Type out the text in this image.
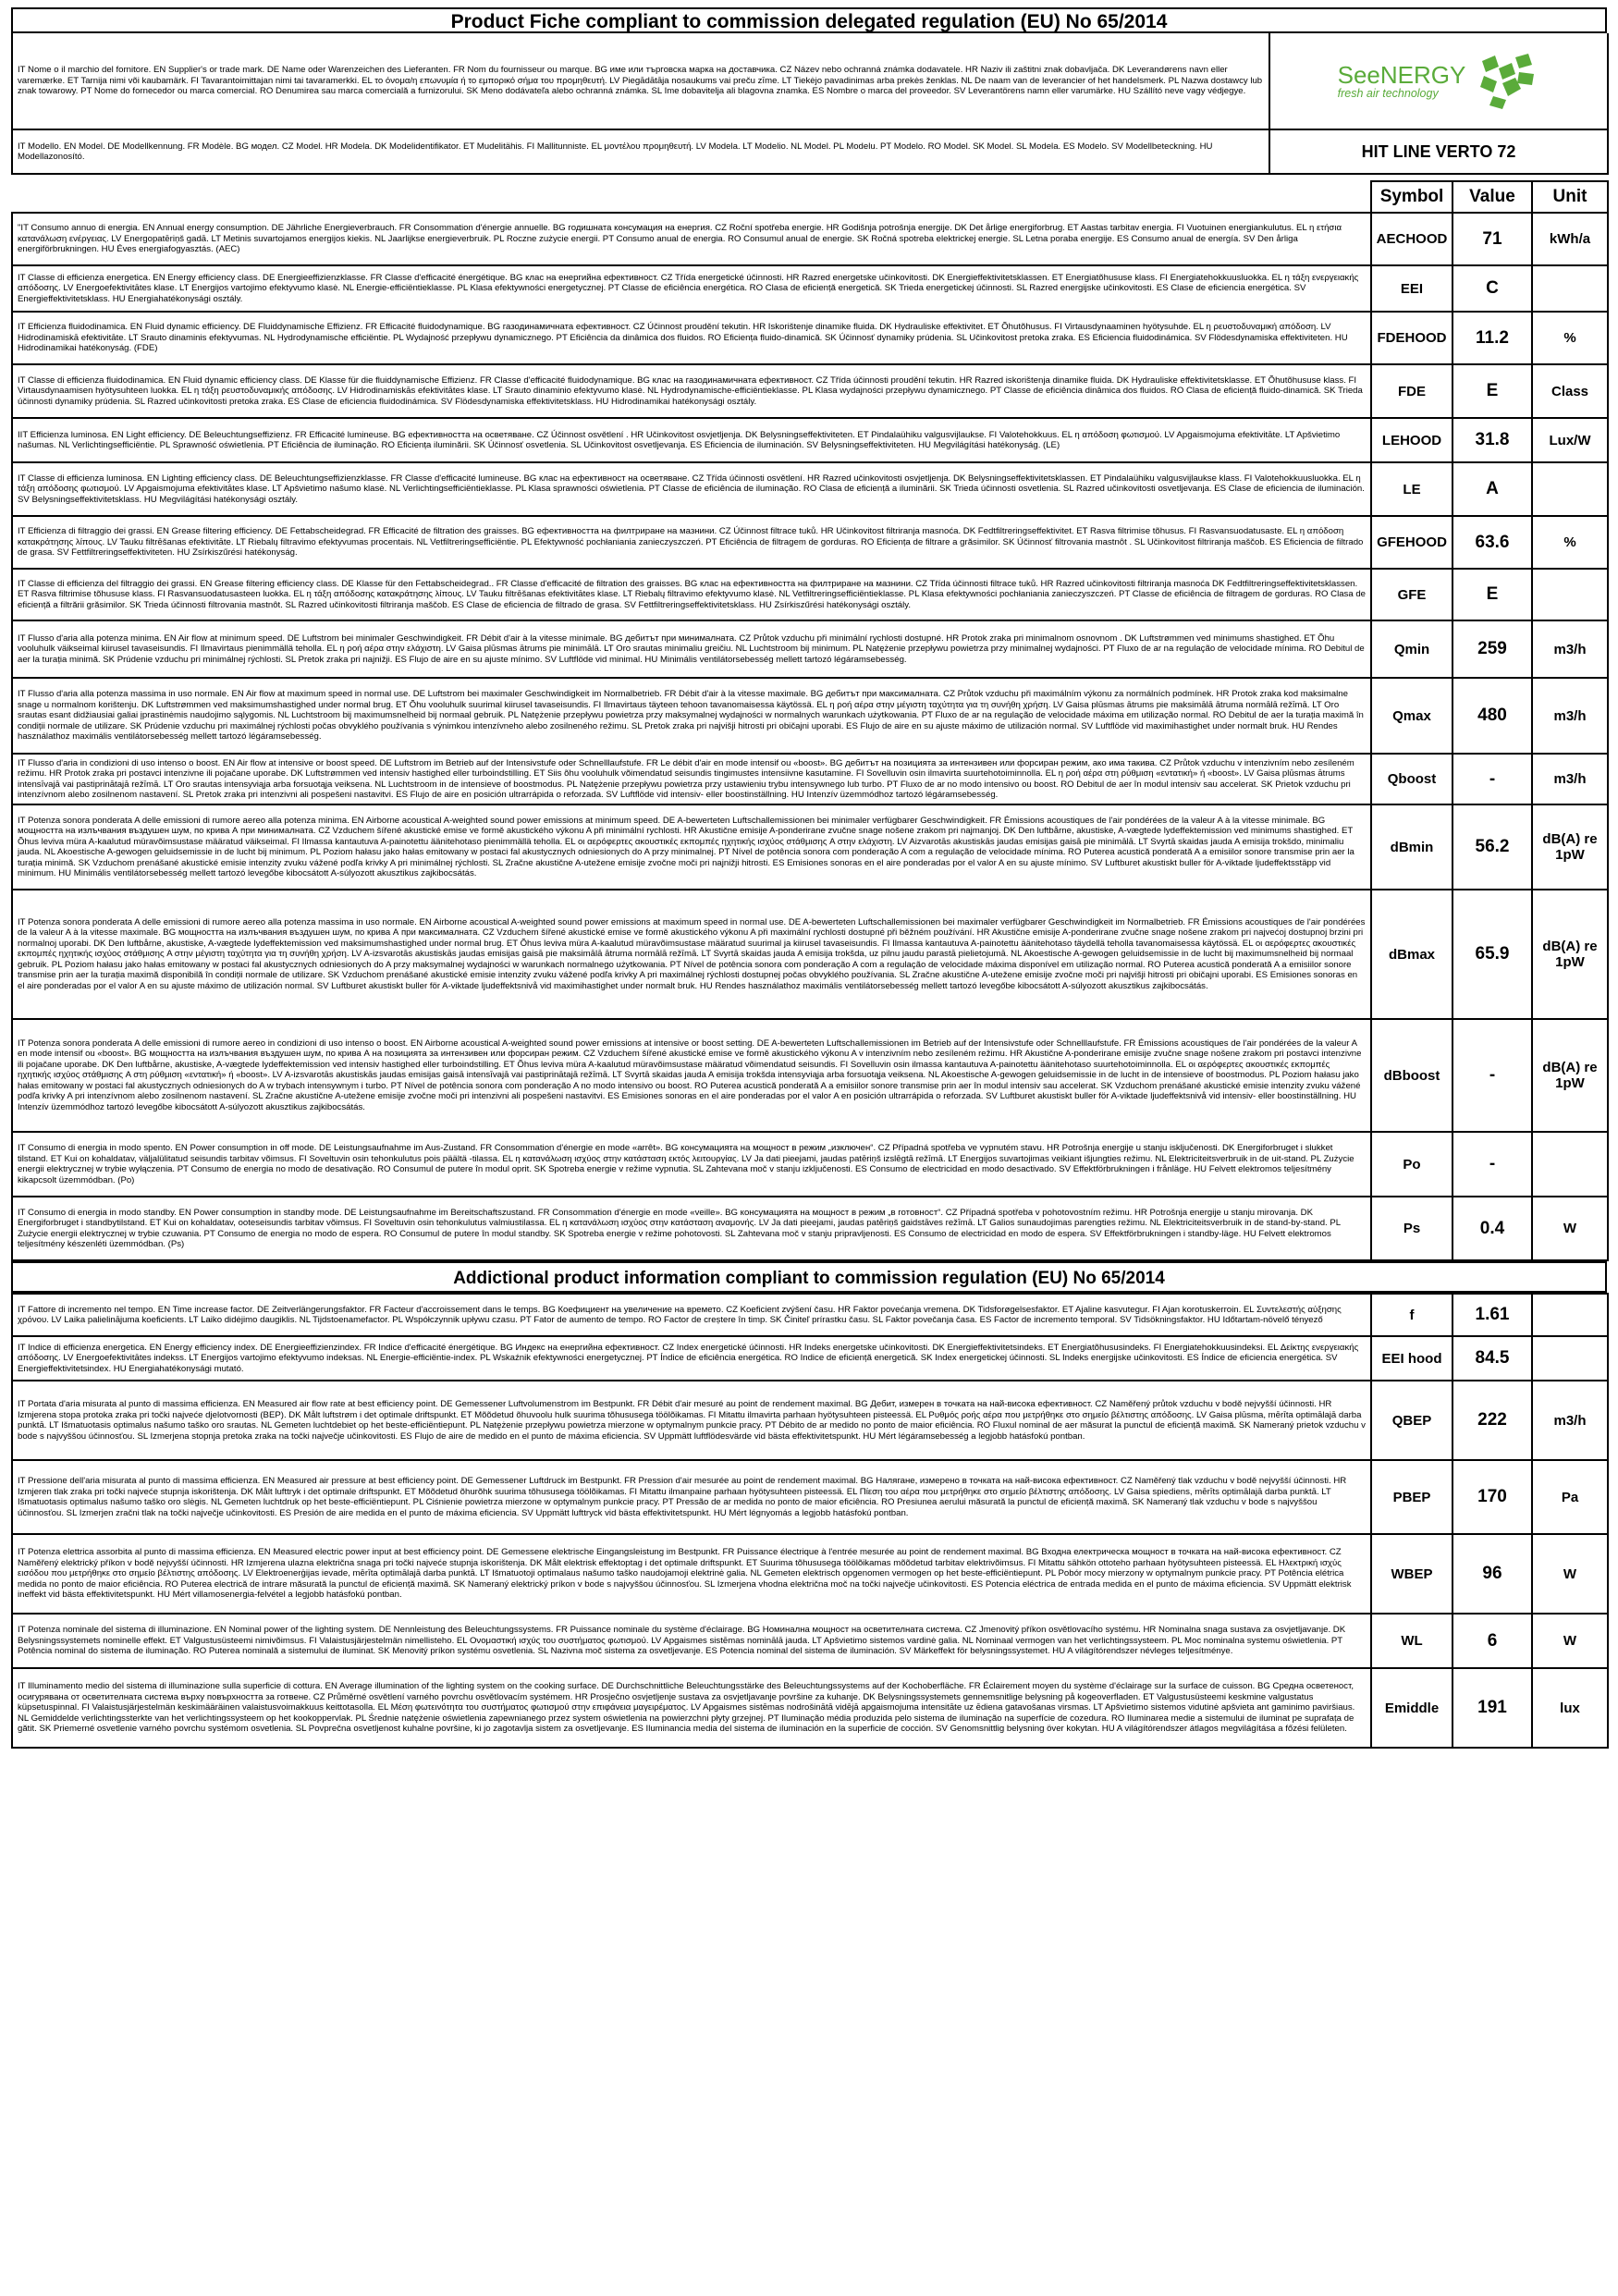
Product Fiche compliant to commission delegated regulation (EU) No 65/2014
IT Nome o il marchio del fornitore. EN Supplier's or trade mark. DE Name oder Warenzeichen des Lieferanten. FR Nom du fournisseur ou marque. BG име или търговска марка на доставчика. CZ Název nebo ochranná známka dodavatele. HR Naziv ili zaštitni znak dobavljača. DK Leverandørens navn eller varemærke. ET Tarnija nimi või kaubamärk. FI Tavarantoimittajan nimi tai tavaramerkki. EL το όνομα/η επωνυμία ή το εμπορικό σήμα του προμηθευτή. LV Piegādātāja nosaukums vai preču zīme. LT Tiekėjo pavadinimas arba prekės ženklas. NL De naam van de leverancier of het handelsmerk. PL Nazwa dostawcy lub znak towarowy. PT Nome do fornecedor ou marca comercial. RO Denumirea sau marca comercială a furnizorului. SK Meno dodávateľa alebo ochranná známka. SL Ime dobavitelja ali blagovna znamka. ES Nombre o marca del proveedor. SV Leverantörens namn eller varumärke. HU Szállító neve vagy védjegye.	SeeNERGY
fresh air technology

IT Modello. EN Model. DE Modellkennung. FR Modèle. BG модел. CZ Model. HR Modela. DK Modelidentifikator. ET Mudelitähis. FI Mallitunniste. EL μοντέλου προμηθευτή. LV Modela. LT Modelio. NL Model. PL Modelu. PT Modelo. RO Model. SK Model. SL Modela. ES Modelo. SV Modellbeteckning. HU Modellazonosító.	HIT LINE VERTO 72
	Symbol	Value	Unit
"IT Consumo annuo di energia. EN Annual energy consumption. DE Jährliche Energieverbrauch. FR Consommation d'énergie annuelle. BG годишната консумация на енергия. CZ Roční spotřeba energie. HR Godišnja potrošnja energije. DK Det årlige energiforbrug. ET Aastas tarbitav energia. FI Vuotuinen energiankulutus. EL η ετήσια κατανάλωση ενέργειας. LV Energopatēriņš gadā. LT Metinis suvartojamos energijos kiekis. NL Jaarlijkse energieverbruik. PL Roczne zużycie energii. PT Consumo anual de energia. RO Consumul anual de energie. SK Ročná spotreba elektrickej energie. SL Letna poraba energije. ES Consumo anual de energía. SV Den årliga energiförbrukningen. HU Éves energiafogyasztás. (AEC)	AECHOOD	71	kWh/a
IT Classe di efficienza energetica. EN Energy efficiency class. DE Energieeffizienzklasse. FR Classe d'efficacité énergétique. BG клас на енергийна ефективност. CZ Třída energetické účinnosti. HR Razred energetske učinkovitosti. DK Energieffektivitetsklassen. ET Energiatõhususe klass. FI Energiatehokkuusluokka. EL η τάξη ενεργειακής απόδοσης. LV Energoefektivitātes klase. LT Energijos vartojimo efektyvumo klasė. NL Energie-efficiëntieklasse. PL Klasa efektywności energetycznej. PT Classe de eficiência energética. RO Clasa de eficiență energetică. SK Trieda energetickej účinnosti. SL Razred energijske učinkovitosti. ES Clase de eficiencia energética. SV Energieffektivitetsklass. HU Energiahatékonysági osztály.	EEI	C	
IT Efficienza fluidodinamica. EN Fluid dynamic efficiency. DE Fluiddynamische Effizienz. FR Efficacité fluidodynamique. BG газодинамичната ефективност. CZ Účinnost proudění tekutin. HR Iskorištenje dinamike fluida. DK Hydrauliske effektivitet. ET Õhutõhusus. FI Virtausdynaaminen hyötysuhde. EL η ρευστοδυναμική απόδοση. LV Hidrodinamiskā efektivitāte. LT Srauto dinaminis efektyvumas. NL Hydrodynamische efficiëntie. PL Wydajność przepływu dynamicznego. PT Eficiência da dinâmica dos fluidos. RO Eficiența fluido-dinamică. SK Účinnosť dynamiky prúdenia. SL Učinkovitost pretoka zraka. ES Eficiencia fluidodinámica. SV Flödesdynamiska effektiviteten. HU Hidrodinamikai hatékonyság. (FDE)	FDEHOOD	11.2	%
IT Classe di efficienza fluidodinamica. EN Fluid dynamic efficiency class. DE Klasse für die fluiddynamische Effizienz. FR Classe d'efficacité fluidodynamique. BG клас на газодинамичната ефективност. CZ Třída účinnosti proudění tekutin. HR Razred iskorištenja dinamike fluida. DK Hydrauliske effektivitetsklasse. ET Õhutõhususe klass. FI Virtausdynaamisen hyötysuhteen luokka. EL η τάξη ρευστοδυναμικής απόδοσης. LV Hidrodinamiskās efektivitātes klase. LT Srauto dinaminio efektyvumo klasė. NL Hydrodynamische-efficiëntieklasse. PL Klasa wydajności przepływu dynamicznego. PT Classe de eficiência dinâmica dos fluidos. RO Clasa de eficiență fluido-dinamică. SK Trieda účinnosti dynamiky prúdenia. SL Razred učinkovitosti pretoka zraka. ES Clase de eficiencia fluidodinámica. SV Flödesdynamiska effektivitetsklass. HU Hidrodinamikai hatékonysági osztály.	FDE	E	Class
IIT Efficienza luminosa. EN Light efficiency. DE Beleuchtungseffizienz. FR Efficacité lumineuse. BG ефективността на осветяване. CZ Účinnost osvětlení . HR Učinkovitost osvjetljenja. DK Belysningseffektiviteten. ET Pindalaühiku valgusvijlaukse. FI Valotehokkuus. EL η απόδοση φωτισμού. LV Apgaismojuma efektivitāte. LT Apšvietimo našumas. NL Verlichtingsefficiëntie. PL Sprawność oświetlenia. PT Eficiência de iluminação. RO Eficiența iluminării. SK Účinnosť osvetlenia. SL Učinkovitost osvetljevanja. ES Eficiencia de iluminación. SV Belysningseffektiviteten. HU Megvilágítási hatékonyság. (LE)	LEHOOD	31.8	Lux/W
IT Classe di efficienza luminosa. EN Lighting efficiency class. DE Beleuchtungseffizienzklasse. FR Classe d'efficacité lumineuse. BG клас на ефективност на осветяване. CZ Třída účinnosti osvětlení. HR Razred učinkovitosti osvjetljenja. DK Belysningseffektivitetsklassen. ET Pindalaühiku valgusvijlaukse klass. FI Valotehokkuusluokka. EL η τάξη απόδοσης φωτισμού. LV Apgaismojuma efektivitātes klase. LT Apšvietimo našumo klasė. NL Verlichtingsefficiëntieklasse. PL Klasa sprawności oświetlenia. PT Classe de eficiência de iluminação. RO Clasa de eficiență a iluminării. SK Trieda účinnosti osvetlenia. SL Razred učinkovitosti osvetljevanja. ES Clase de eficiencia de iluminación. SV Belysningseffektivitetsklass. HU Megvilágítási hatékonysági osztály.	LE	A	
IT Efficienza di filtraggio dei grassi. EN Grease filtering efficiency. DE Fettabscheidegrad. FR Efficacité de filtration des graisses. BG ефективността на филтриране на мазнини. CZ Účinnost filtrace tuků. HR Učinkovitost filtriranja masnoća. DK Fedtfiltreringseffektivitet. ET Rasva filtrimise tõhusus. FI Rasvansuodatusaste. EL η απόδοση κατακράτησης λίπους. LV Tauku filtrēšanas efektivitāte. LT Riebalų filtravimo efektyvumas procentais. NL Vetfiltreringsefficiëntie. PL Efektywność pochłaniania zanieczyszczeń. PT Eficiência de filtragem de gorduras. RO Eficiența de filtrare a grăsimilor. SK Účinnosť filtrovania mastnôt . SL Učinkovitost filtriranja maščob. ES Eficiencia de filtrado de grasa. SV Fettfiltreringseffektiviteten. HU Zsírkiszűrési hatékonyság.	GFEHOOD	63.6	%
IT Classe di efficienza del filtraggio dei grassi. EN Grease filtering efficiency class. DE Klasse für den Fettabscheidegrad.. FR Classe d'efficacité de filtration des graisses. BG клас на ефективността на филтриране на мазнини. CZ Třída účinnosti filtrace tuků. HR Razred učinkovitosti filtriranja masnoća DK Fedtfiltreringseffektivitetsklassen. ET Rasva filtrimise tõhususe klass. FI Rasvansuodatusasteen luokka. EL η τάξη απόδοσης κατακράτησης λίπους. LV Tauku filtrēšanas efektivitātes klase. LT Riebalų filtravimo efektyvumo klasė. NL Vetfiltreringsefficiëntieklasse. PL Klasa efektywności pochłaniania zanieczyszczeń. PT Classe de eficiência de filtragem de gorduras. RO Clasa de eficiență a filtrării grăsimilor. SK Trieda účinnosti filtrovania mastnôt. SL Razred učinkovitosti filtriranja maščob. ES Clase de eficiencia de filtrado de grasa. SV Fettfiltreringseffektivitetsklass. HU Zsírkiszűrési hatékonysági osztály.	GFE	E	
IT Flusso d'aria alla potenza minima. EN Air flow at minimum speed. DE Luftstrom bei minimaler Geschwindigkeit. FR Débit d'air à la vitesse minimale. BG дебитът при минималната. CZ Průtok vzduchu při minimální rychlosti dostupné. HR Protok zraka pri minimalnom osnovnom . DK Luftstrømmen ved minimums shastighed. ET Õhu vooluhulk väikseimal kiirusel tavaseisundis. FI Ilmavirtaus pienimmällä teholla. EL η ροή αέρα στην ελάχιστη. LV Gaisa plūsmas ātrums pie minimālā. LT Oro srautas minimaliu greičiu. NL Luchtstroom bij minimum. PL Natężenie przepływu powietrza przy minimalnej wydajności. PT Fluxo de ar na regulação de velocidade mínima. RO Debitul de aer la turația minimă. SK Prúdenie vzduchu pri minimálnej rýchlosti. SL Pretok zraka pri najnižji. ES Flujo de aire en su ajuste mínimo. SV Luftflöde vid minimal. HU Minimális ventilátorsebesség mellett tartozó légáramsebesség.	Qmin	259	m3/h
IT Flusso d'aria alla potenza massima in uso normale. EN Air flow at maximum speed in normal use. DE Luftstrom bei maximaler Geschwindigkeit im Normalbetrieb. FR Débit d'air à la vitesse maximale. BG дебитът при максималната. CZ Průtok vzduchu při maximálním výkonu za normálních podmínek. HR Protok zraka kod maksimalne snage u normalnom korištenju. DK Luftstrømmen ved maksimumshastighed under normal brug. ET Õhu vooluhulk suurimal kiirusel tavaseisundis. FI Ilmavirtaus täyteen tehoon tavanomaisessa käytössä. EL η ροή αέρα στην μέγιστη ταχύτητα για τη συνήθη χρήση. LV Gaisa plūsmas ātrums pie maksimālā ātruma normālā režīmā. LT Oro srautas esant didžiausiai galiai įprastinėmis naudojimo sąlygomis. NL Luchtstroom bij maximumsnelheid bij normaal gebruik. PL Natężenie przepływu powietrza przy maksymalnej wydajności w normalnych warunkach użytkowania. PT Fluxo de ar na regulação de velocidade máxima em utilização normal. RO Debitul de aer la turația maximă în condiții normale de utilizare. SK Prúdenie vzduchu pri maximálnej rýchlosti počas obvyklého používania s výnimkou intenzívneho alebo zosilneného režimu. SL Pretok zraka pri najvišji hitrosti pri običajni uporabi. ES Flujo de aire en su ajuste máximo de utilización normal. SV Luftflöde vid maximihastighet under normalt bruk. HU Rendes használathoz maximális ventilátorsebesség mellett tartozó légáramsebesség.	Qmax	480	m3/h
IT Flusso d'aria in condizioni di uso intenso o boost. EN Air flow at intensive or boost speed. DE Luftstrom im Betrieb auf der Intensivstufe oder Schnelllaufstufe. FR Le débit d'air en mode intensif ou «boost». BG дебитът на позицията за интензивен или форсиран режим, ако има такива. CZ Průtok vzduchu v intenzivním nebo zesíleném režimu. HR Protok zraka pri postavci intenzivne ili pojačane uporabe. DK Luftstrømmen ved intensiv hastighed eller turboindstilling. ET Siis õhu vooluhulk võimendatud seisundis tingimustes intensiivne kasutamine. FI Sovelluvin osin ilmavirta suurtehotoiminnolla. EL η ροή αέρα στη ρύθμιση «εντατική» ή «boost». LV Gaisa plūsmas ātrums intensīvajā vai pastiprinātajā režīmā. LT Oro srautas intensyviąja arba forsuotąja veiksena. NL Luchtstroom in de intensieve of boostmodus. PL Natężenie przepływu powietrza przy ustawieniu trybu intensywnego lub turbo. PT Fluxo de ar no modo intensivo ou boost. RO Debitul de aer în modul intensiv sau accelerat. SK Prietok vzduchu pri intenzívnom alebo zosilnenom nastavení. SL Pretok zraka pri intenzivni ali pospešeni nastavitvi. ES Flujo de aire en posición ultrarrápida o reforzada. SV Luftflöde vid intensiv- eller boostinställning. HU Intenzív üzemmódhoz tartozó légáramsebesség.	Qboost	-	m3/h
IT Potenza sonora ponderata A delle emissioni di rumore aereo alla potenza minima. EN Airborne acoustical A-weighted sound power emissions at minimum speed. DE A-bewerteten Luftschallemissionen bei minimaler verfügbarer Geschwindigkeit. FR Émissions acoustiques de l'air pondérées de la valeur A à la vitesse minimale. BG мощността на излъчвания въздушен шум, по крива А при минималната. CZ Vzduchem šířené akustické emise ve formě akustického výkonu A při minimální rychlosti. HR Akustične emisije A-ponderirane zvučne snage nošene zrakom pri najmanjoj. DK Den luftbårne, akustiske, A-vægtede lydeffektemission ved minimums shastighed. ET Õhus leviva müra A-kaalutud müravõimsustase määratud väikseimal. FI Ilmassa kantautuva A-painotettu äänitehotaso pienimmällä teholla. EL οι αερόφερτες ακουστικές εκπομπές ηχητικής ισχύος στάθμισης A στην ελάχιστη. LV Aizvarotās akustiskās jaudas emisijas gaisā pie minimālā. LT Svyrtā skaidas jauda A emisija trokšdo, minimaliu jauda. NL Akoestische A-gewogen geluidsemissie in de lucht bij minimum. PL Poziom hałasu jako hałas emitowany w postaci fal akustycznych odniesionych do A przy minimalnej. PT Nível de potência sonora com ponderação A com a regulação de velocidade mínima. RO Puterea acustică ponderată A a emisiilor sonore transmise prin aer la turația minimă. SK Vzduchom prenášané akustické emisie intenzity zvuku vážené podľa krivky A pri minimálnej rýchlosti. SL Zračne akustične A-utežene emisije zvočne moči pri najnižji hitrosti. ES Emisiones sonoras en el aire ponderadas por el valor A en su ajuste mínimo. SV Luftburet akustiskt buller för A-viktade ljudeffektsstäpp vid minimum. HU Minimális ventilátorsebesség mellett tartozó levegőbe kibocsátott A-súlyozott akusztikus zajkibocsátás.	dBmin	56.2	dB(A) re 1pW
IT Potenza sonora ponderata A delle emissioni di rumore aereo alla potenza massima in uso normale. EN Airborne acoustical A-weighted sound power emissions at maximum speed in normal use. DE A-bewerteten Luftschallemissionen bei maximaler verfügbarer Geschwindigkeit im Normalbetrieb. FR Émissions acoustiques de l'air pondérées de la valeur A à la vitesse maximale. BG мощността на излъчвания въздушен шум, по крива А при максималната. CZ Vzduchem šířené akustické emise ve formě akustického výkonu A při maximální rychlosti dostupné při běžném používání. HR Akustične emisije A-ponderirane zvučne snage nošene zrakom pri najvećoj dostupnoj brzini pri normalnoj uporabi. DK Den luftbårne, akustiske, A-vægtede lydeffektemission ved maksimumshastighed under normal brug. ET Õhus leviva müra A-kaalutud müravõimsustase määratud suurimal ja kiirusel tavaseisundis. FI Ilmassa kantautuva A-painotettu äänitehotaso täydellä teholla tavanomaisessa käytössä. EL οι αερόφερτες ακουστικές εκπομπές ηχητικής ισχύος στάθμισης A στην μέγιστη ταχύτητα για τη συνήθη χρήση. LV A-izsvarotās akustiskās jaudas emisijas gaisā pie maksimālā ātruma normālā režīmā. LT Svyrtā skaidas jauda A emisija trokšda, uz pilnu jaudu parastā pielietojumā. NL Akoestische A-gewogen geluidsemissie in de lucht bij maximumsnelheid bij normaal gebruik. PL Poziom hałasu jako hałas emitowany w postaci fal akustycznych odniesionych do A przy maksymalnej wydajności w warunkach normalnego użytkowania. PT Nível de potência sonora com ponderação A com a regulação de velocidade máxima disponível em utilização normal. RO Puterea acustică ponderată A a emisiilor sonore transmise prin aer la turația maximă disponibilă în condiții normale de utilizare. SK Vzduchom prenášané akustické emisie intenzity zvuku vážené podľa krivky A pri maximálnej rýchlosti dostupnej počas obvyklého používania. SL Zračne akustične A-utežene emisije zvočne moči pri najvišji hitrosti pri običajni uporabi. ES Emisiones sonoras en el aire ponderadas por el valor A en su ajuste máximo de utilización normal. SV Luftburet akustiskt buller för A-viktade ljudeffektsnivå vid maximihastighet under normalt bruk. HU Rendes használathoz maximális ventilátorsebesség mellett tartozó levegőbe kibocsátott A-súlyozott akusztikus zajkibocsátás.	dBmax	65.9	dB(A) re 1pW
IT Potenza sonora ponderata A delle emissioni di rumore aereo in condizioni di uso intenso o boost. EN Airborne acoustical A-weighted sound power emissions at intensive or boost setting. DE A-bewerteten Luftschallemissionen im Betrieb auf der Intensivstufe oder Schnelllaufstufe. FR Émissions acoustiques de l'air pondérées de la valeur A en mode intensif ou «boost». BG мощността на излъчвания въздушен шум, по крива А на позицията за интензивен или форсиран режим. CZ Vzduchem šířené akustické emise ve formě akustického výkonu A v intenzivním nebo zesíleném režimu. HR Akustične A-ponderirane emisije zvučne snage nošene zrakom pri postavci intenzivne ili pojačane uporabe. DK Den luftbårne, akustiske, A-vægtede lydeffektemission ved intensiv hastighed eller turboindstilling. ET Õhus leviva müra A-kaalutud müravõimsustase määratud võimendatud seisundis. FI Sovelluvin osin ilmassa kantautuva A-painotettu äänitehotaso suurtehotoiminnolla. EL οι αερόφερτες ακουστικές εκπομπές ηχητικής ισχύος στάθμισης A στη ρύθμιση «εντατική» ή «boost». LV A-izsvarotās akustiskās jaudas emisijas gaisā intensīvajā vai pastiprinātajā režīmā. LT Svyrtā skaidas jauda A emisija trokšda intensyviąja arba forsuotąja veiksena. NL Akoestische A-gewogen geluidsemissie in de lucht in de intensieve of boostmodus. PL Poziom hałasu jako hałas emitowany w postaci fal akustycznych odniesionych do A w trybach intensywnym i turbo. PT Nível de potência sonora com ponderação A no modo intensivo ou boost. RO Puterea acustică ponderată A a emisiilor sonore transmise prin aer în modul intensiv sau accelerat. SK Vzduchom prenášané akustické emisie intenzity zvuku vážené podľa krivky A pri intenzívnom alebo zosilnenom nastavení. SL Zračne akustične A-utežene emisije zvočne moči pri intenzivni ali pospešeni nastavitvi. ES Emisiones sonoras en el aire ponderadas por el valor A en posición ultrarrápida o reforzada. SV Luftburet akustiskt buller för A-viktade ljudeffektsnivå vid intensiv- eller boostinställning. HU Intenzív üzemmódhoz tartozó levegőbe kibocsátott A-súlyozott akusztikus zajkibocsátás.	dBboost	-	dB(A) re 1pW
IT Consumo di energia in modo spento. EN Power consumption in off mode. DE Leistungsaufnahme im Aus-Zustand. FR Consommation d'énergie en mode «arrêt». BG консумацията на мощност в режим „изключен“. CZ Případná spotřeba ve vypnutém stavu. HR Potrošnja energije u stanju isključenosti. DK Energiforbruget i slukket tilstand. ET Kui on kohaldatav, väljalülitatud seisundis tarbitav võimsus. FI Soveltuvin osin tehonkulutus pois päältä -tilassa. EL η κατανάλωση ισχύος στην κατάσταση εκτός λειτουργίας. LV Ja dati pieejami, jaudas patēriņš izslēgtā režīmā. LT Energijos suvartojimas veikiant išjungties režimu. NL Elektriciteitsverbruik in de uit-stand. PL Zużycie energii elektrycznej w trybie wyłączenia. PT Consumo de energia no modo de desativação. RO Consumul de putere în modul oprit. SK Spotreba energie v režime vypnutia. SL Zahtevana moč v stanju izključenosti. ES Consumo de electricidad en modo desactivado. SV Effektförbrukningen i frånläge. HU Felvett elektromos teljesítmény kikapcsolt üzemmódban. (Po)	Po	-	
IT Consumo di energia in modo standby. EN Power consumption in standby mode. DE Leistungsaufnahme im Bereitschaftszustand. FR Consommation d'énergie en mode «veille». BG консумацията на мощност в режим „в готовност“. CZ Případná spotřeba v pohotovostním režimu. HR Potrošnja energije u stanju mirovanja. DK Energiforbruget i standbytilstand. ET Kui on kohaldatav, ooteseisundis tarbitav võimsus. FI Soveltuvin osin tehonkulutus valmiustilassa. EL η κατανάλωση ισχύος στην κατάσταση αναμονής. LV Ja dati pieejami, jaudas patēriņš gaidstāves režīmā. LT Galios sunaudojimas parengties režimu. NL Elektriciteitsverbruik in de stand-by-stand. PL Zużycie energii elektrycznej w trybie czuwania. PT Consumo de energia no modo de espera. RO Consumul de putere în modul standby. SK Spotreba energie v režime pohotovosti. SL Zahtevana moč v stanju pripravljenosti. ES Consumo de electricidad en modo de espera. SV Effektförbrukningen i standby-läge. HU Felvett elektromos teljesítmény készenléti üzemmódban. (Ps)	Ps	0.4	W
Addictional product information compliant to commission regulation (EU) No 65/2014
IT Fattore di incremento nel tempo. EN Time increase factor. DE Zeitverlängerungsfaktor. FR Facteur d'accroissement dans le temps. BG Коефициент на увеличение на времето. CZ Koeficient zvýšení času. HR Faktor povećanja vremena. DK Tidsforøgelsesfaktor. ET Ajaline kasvutegur. FI Ajan korotuskerroin. EL Συντελεστής αύξησης χρόνου. LV Laika palielinājuma koeficients. LT Laiko didėjimo daugiklis. NL Tijdstoenamefactor. PL Współczynnik upływu czasu. PT Fator de aumento de tempo. RO Factor de creștere în timp. SK Činiteľ prírastku času. SL Faktor povečanja časa. ES Factor de incremento temporal. SV Tidsökningsfaktor. HU Időtartam-növelő tényező	f	1.61	
IT Indice di efficienza energetica. EN Energy efficiency index. DE Energieeffizienzindex. FR Indice d'efficacité énergétique. BG Индекс на енергийна ефективност. CZ Index energetické účinnosti. HR Indeks energetske učinkovitosti. DK Energieffektivitetsindeks. ET Energiatõhususindeks. FI Energiatehokkuusindeksi. EL Δείκτης ενεργειακής απόδοσης. LV Energoefektivitātes indekss. LT Energijos vartojimo efektyvumo indeksas. NL Energie-efficiëntie-index. PL Wskaźnik efektywności energetycznej. PT Índice de eficiência energética. RO Indice de eficiență energetică. SK Index energetickej účinnosti. SL Indeks energijske učinkovitosti. ES Índice de eficiencia energética. SV Energieffektivitetsindex. HU Energiahatékonysági mutató.	EEI hood	84.5	
IT Portata d'aria misurata al punto di massima efficienza. EN Measured air flow rate at best efficiency point. DE Gemessener Luftvolumenstrom im Bestpunkt. FR Débit d'air mesuré au point de rendement maximal. BG Дебит, измерен в точката на най-висока ефективност. CZ Naměřený průtok vzduchu v bodě nejvyšší účinnosti. HR Izmjerena stopa protoka zraka pri točki najveće djelotvornosti (BEP). DK Målt luftstrøm i det optimale driftspunkt. ET Mõõdetud õhuvoolu hulk suurima tõhususega töölõikamas. FI Mitattu ilmavirta parhaan hyötysuhteen pisteessä. EL Ρυθμός ροής αέρα που μετρήθηκε στο σημείο βέλτιστης απόδοσης. LV Gaisa plūsma, mērīta optimālajā darba punktā. LT Išmatuotasis optimalus našumo taško oro srautas. NL Gemeten luchtdebiet op het beste-efficiëntiepunt. PL Natężenie przepływu powietrza mierzone w optymalnym punkcie pracy. PT Débito de ar medido no ponto de maior eficiência. RO Fluxul nominal de aer măsurat la punctul de eficiență maximă. SK Nameraný prietok vzduchu v bode s najvyššou účinnosťou. SL Izmerjena stopnja pretoka zraka na točki največje učinkovitosti. ES Flujo de aire de medido en el punto de máxima eficiencia. SV Uppmätt luftflödesvärde vid bästa effektivitetspunkt. HU Mért légáramsebesség a legjobb hatásfokú pontban.	QBEP	222	m3/h
IT Pressione dell'aria misurata al punto di massima efficienza. EN Measured air pressure at best efficiency point. DE Gemessener Luftdruck im Bestpunkt. FR Pression d'air mesurée au point de rendement maximal. BG Налягане, измерено в точката на най-висока ефективност. CZ Naměřený tlak vzduchu v bodě nejvyšší účinnosti. HR Izmjeren tlak zraka pri točki najveće stupnja iskorištenja. DK Målt lufttryk i det optimale driftspunkt. ET Mõõdetud õhurõhk suurima tõhususega töölõikamas. FI Mitattu ilmanpaine parhaan hyötysuhteen pisteessä. EL Πίεση του αέρα που μετρήθηκε στο σημείο βέλτιστης απόδοσης. LV Gaisa spiediens, mērīts optimālajā darba punktā. LT Išmatuotasis optimalus našumo taško oro slėgis. NL Gemeten luchtdruk op het beste-efficiëntiepunt. PL Ciśnienie powietrza mierzone w optymalnym punkcie pracy. PT Pressão de ar medida no ponto de maior eficiência. RO Presiunea aerului măsurată la punctul de eficiență maximă. SK Nameraný tlak vzduchu v bode s najvyššou účinnosťou. SL Izmerjen zračni tlak na točki največje učinkovitosti. ES Presión de aire medida en el punto de máxima eficiencia. SV Uppmätt lufttryck vid bästa effektivitetspunkt. HU Mért légnyomás a legjobb hatásfokú pontban.	PBEP	170	Pa
IT Potenza elettrica assorbita al punto di massima efficienza. EN Measured electric power input at best efficiency point. DE Gemessene elektrische Eingangsleistung im Bestpunkt. FR Puissance électrique à l'entrée mesurée au point de rendement maximal. BG Входна електрическа мощност в точката на най-висока ефективност. CZ Naměřený elektrický příkon v bodě nejvyšší účinnosti. HR Izmjerena ulazna električna snaga pri točki najveće stupnja iskorištenja. DK Målt elektrisk effektoptag i det optimale driftspunkt. ET Suurima tõhususega töölõikamas mõõdetud tarbitav elektrivõimsus. FI Mitattu sähkön ottoteho parhaan hyötysuhteen pisteessä. EL Ηλεκτρική ισχύς εισόδου που μετρήθηκε στο σημείο βέλτιστης απόδοσης. LV Elektroenerģijas ievade, mērīta optimālajā darba punktā. LT Išmatuotoji optimalaus našumo taško naudojamoji elektrinė galia. NL Gemeten elektrisch opgenomen vermogen op het beste-efficiëntiepunt. PL Pobór mocy mierzony w optymalnym punkcie pracy. PT Potência elétrica medida no ponto de maior eficiência. RO Puterea electrică de intrare măsurată la punctul de eficiență maximă. SK Nameraný elektrický príkon v bode s najvyššou účinnosťou. SL Izmerjena vhodna električna moč na točki največje učinkovitosti. ES Potencia eléctrica de entrada medida en el punto de máxima eficiencia. SV Uppmätt elektrisk ineffekt vid bästa effektivitetspunkt. HU Mért villamosenergia-felvétel a legjobb hatásfokú pontban.	WBEP	96	W
IT Potenza nominale del sistema di illuminazione. EN Nominal power of the lighting system. DE Nennleistung des Beleuchtungssystems. FR Puissance nominale du système d'éclairage. BG Номинална мощност на осветителната система. CZ Jmenovitý příkon osvětlovacího systému. HR Nominalna snaga sustava za osvjetljavanje. DK Belysningssystemets nominelle effekt. ET Valgustusüsteemi nimivõimsus. FI Valaistusjärjestelmän nimellisteho. EL Ονομαστική ισχύς του συστήματος φωτισμού. LV Apgaismes sistēmas nominālā jauda. LT Apšvietimo sistemos vardinė galia. NL Nominaal vermogen van het verlichtingssysteem. PL Moc nominalna systemu oświetlenia. PT Potência nominal do sistema de iluminação. RO Puterea nominală a sistemului de iluminat. SK Menovitý príkon systému osvetlenia. SL Nazivna moč sistema za osvetljevanje. ES Potencia nominal del sistema de iluminación. SV Märkeffekt för belysningssystemet. HU A világítórendszer névleges teljesítménye.	WL	6	W
IT Illuminamento medio del sistema di illuminazione sulla superficie di cottura. EN Average illumination of the lighting system on the cooking surface. DE Durchschnittliche Beleuchtungsstärke des Beleuchtungssystems auf der Kochoberfläche. FR Éclairement moyen du système d'éclairage sur la surface de cuisson. BG Средна осветеност, осигурявана от осветителната система върху повърхността за готвене. CZ Průměrné osvětlení varného povrchu osvětlovacím systémem. HR Prosječno osvjetljenje sustava za osvjetljavanje površine za kuhanje. DK Belysningssystemets gennemsnitlige belysning på kogeoverfladen. ET Valgustusüsteemi keskmine valgustatus küpsetuspinnal. FI Valaistusjärjestelmän keskimääräinen valaistusvoimakkuus keittotasolla. EL Μέση φωτεινότητα του συστήματος φωτισμού στην επιφάνεια μαγειρέματος. LV Apgaismes sistēmas nodrošinātā vidējā apgaismojuma intensitāte uz ēdiena gatavošanas virsmas. LT Apšvietimo sistemos vidutinė apšvieta ant gaminimo paviršiaus. NL Gemiddelde verlichtingssterkte van het verlichtingssysteem op het kookoppervlak. PL Średnie natężenie oświetlenia zapewnianego przez system oświetlenia na powierzchni płyty grzejnej. PT Iluminação média produzida pelo sistema de iluminação na superfície de cozedura. RO Iluminarea medie a sistemului de iluminat pe suprafața de gătit. SK Priemerné osvetlenie varného povrchu systémom osvetlenia. SL Povprečna osvetljenost kuhalne površine, ki jo zagotavlja sistem za osvetljevanje. ES Iluminancia media del sistema de iluminación en la superficie de cocción. SV Genomsnittlig belysning över kokytan. HU A világítórendszer átlagos megvilágítása a főzési felületen.	Emiddle	191	lux
